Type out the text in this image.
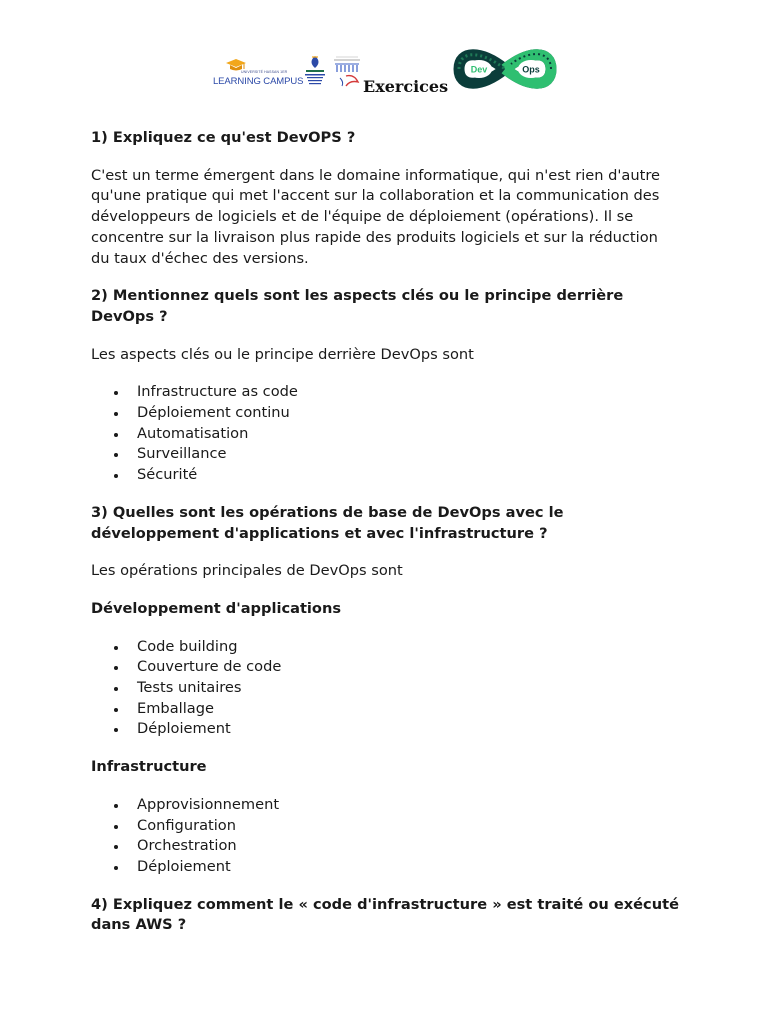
UNIVERSITÉ HASSAN 1ER
LEARNING CAMPUS	Exercices
Dev	Ops

1) Expliquez ce qu'est DevOPS ?

C'est un terme émergent dans le domaine informatique, qui n'est rien d'autre qu'une pratique qui met l'accent sur la collaboration et la communication des développeurs de logiciels et de l'équipe de déploiement (opérations). Il se concentre sur la livraison plus rapide des produits logiciels et sur la réduction du taux d'échec des versions.

2) Mentionnez quels sont les aspects clés ou le principe derrière DevOps ?

Les aspects clés ou le principe derrière DevOps sont

Infrastructure as code
Déploiement continu
Automatisation
Surveillance
Sécurité

3) Quelles sont les opérations de base de DevOps avec le développement d'applications et avec l'infrastructure ?

Les opérations principales de DevOps sont

Développement d'applications

Code building
Couverture de code
Tests unitaires
Emballage
Déploiement

Infrastructure

Approvisionnement
Configuration
Orchestration
Déploiement

4) Expliquez comment le « code d'infrastructure » est traité ou exécuté dans AWS ?
